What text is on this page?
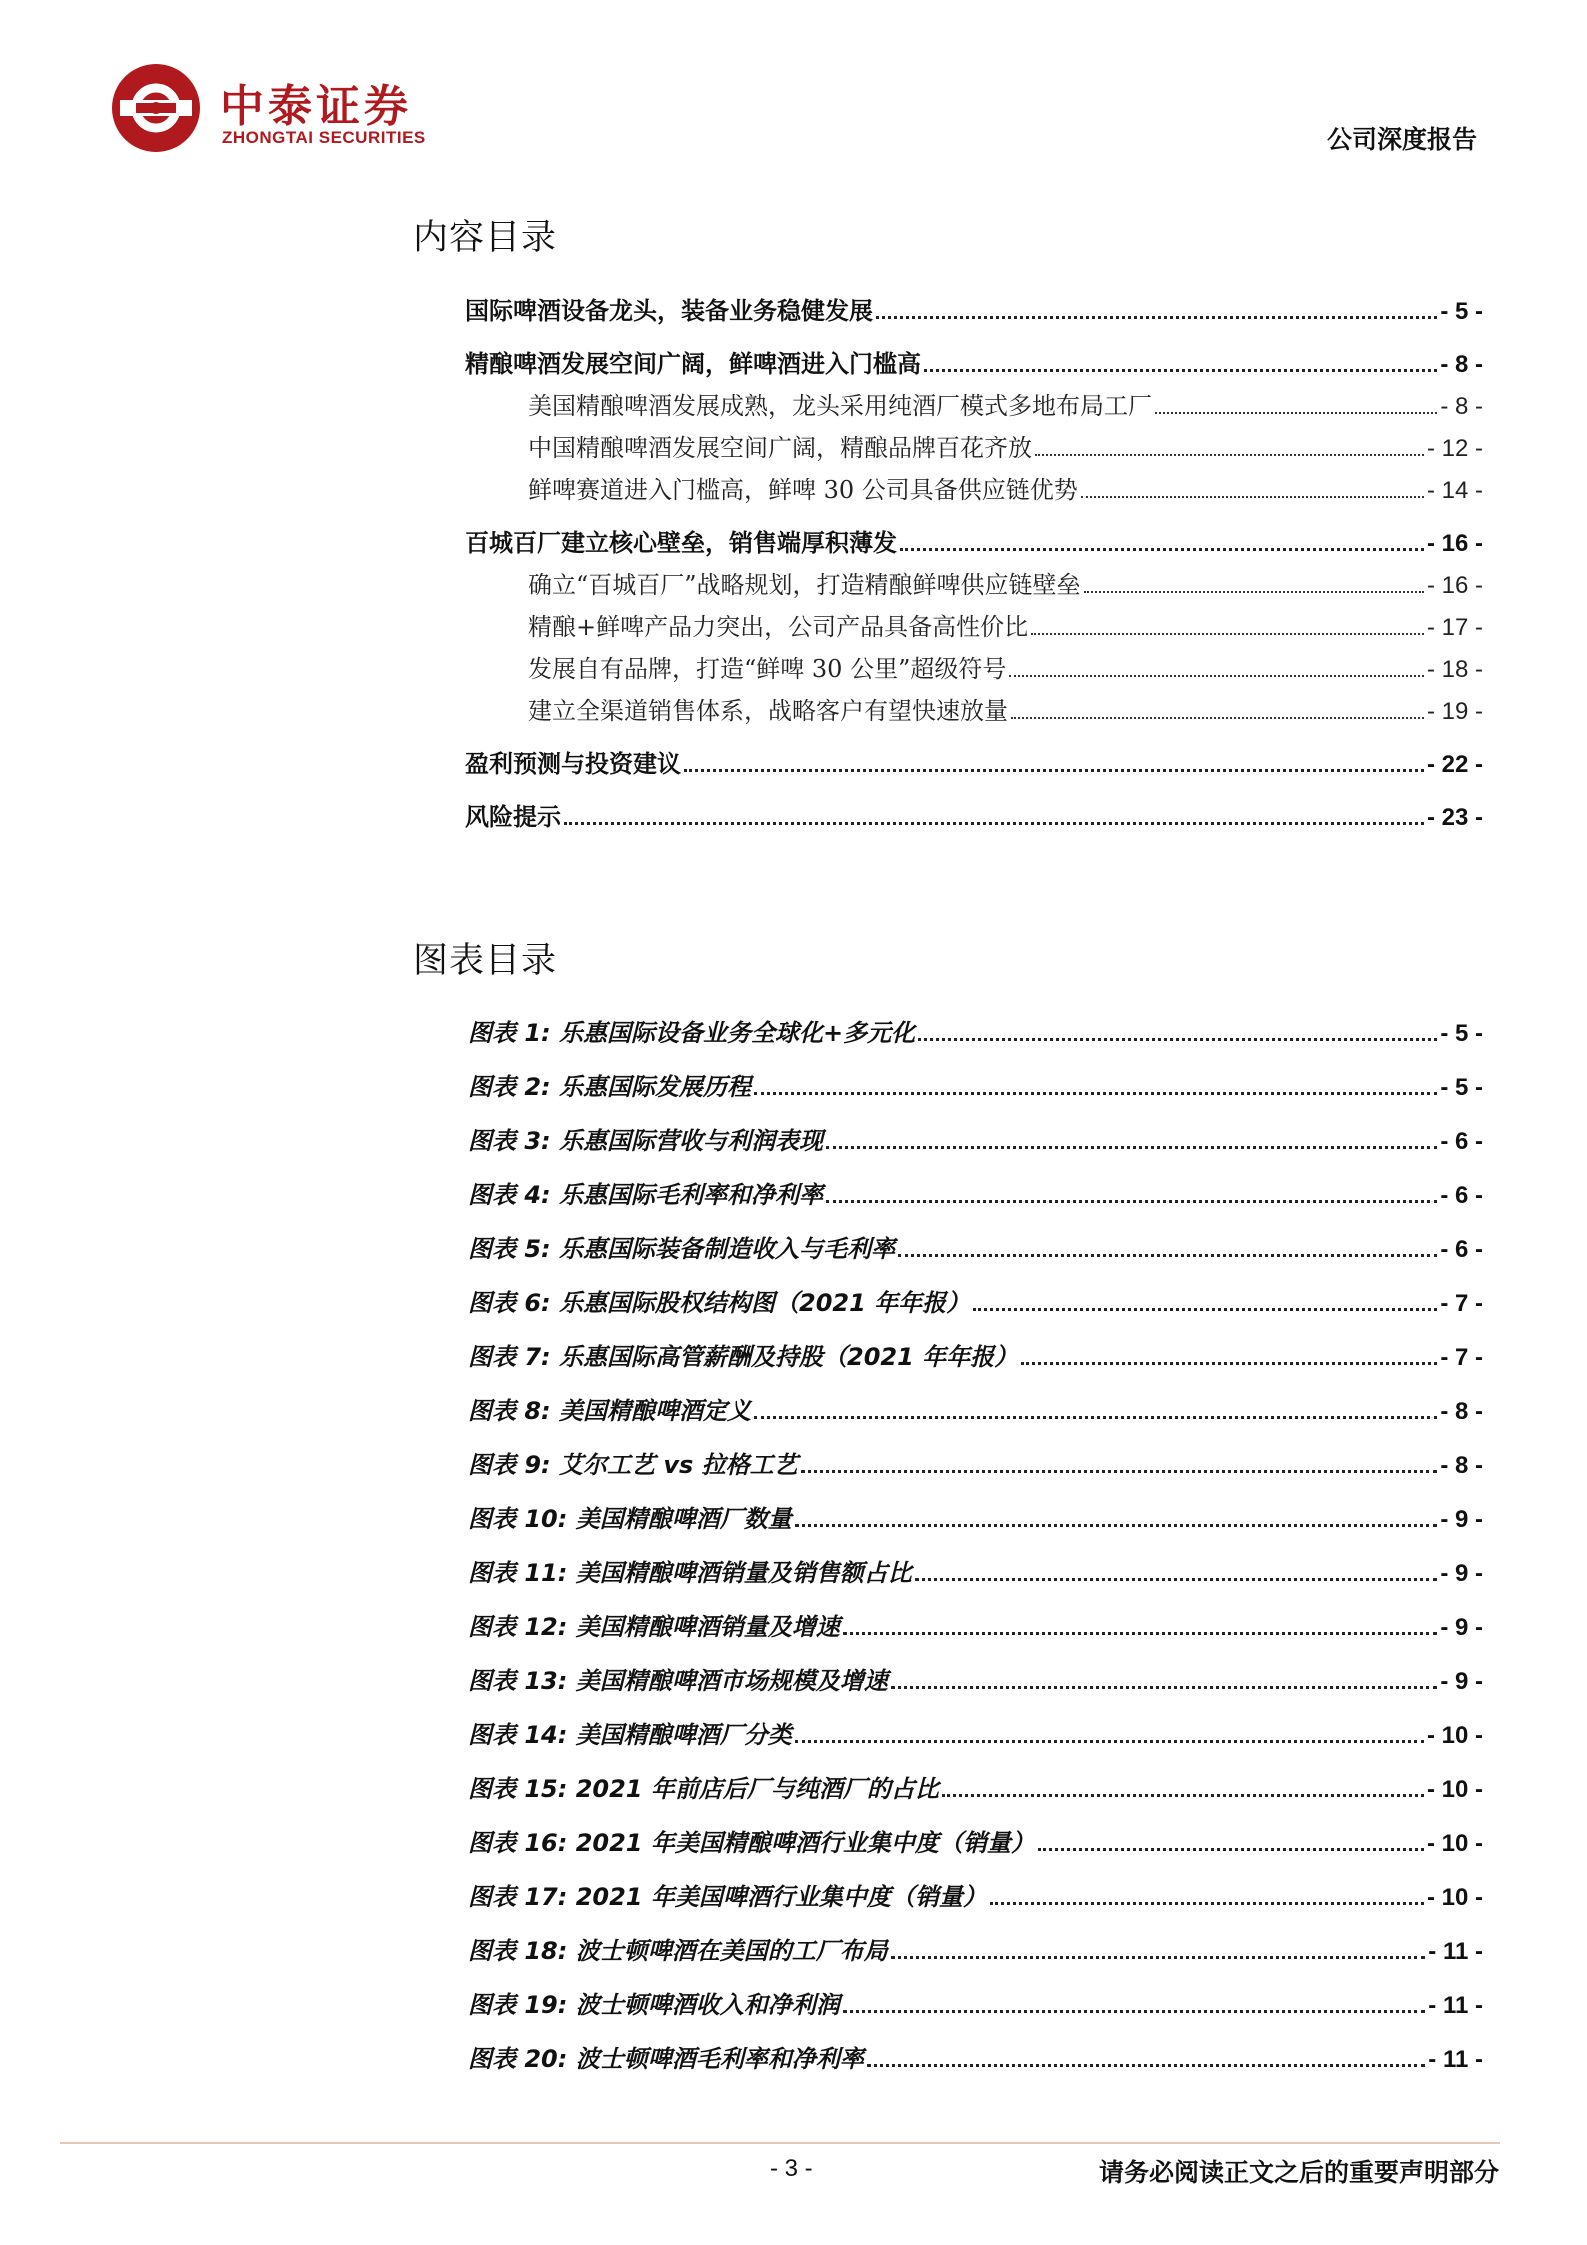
中泰证券
ZHONGTAI SECURITIES	公司深度报告
内容目录
国际啤酒设备龙头，装备业务稳健发展	- 5 -
精酿啤酒发展空间广阔，鲜啤酒进入门槛高	- 8 -
美国精酿啤酒发展成熟，龙头采用纯酒厂模式多地布局工厂	- 8 -
中国精酿啤酒发展空间广阔，精酿品牌百花齐放	- 12 -
鲜啤赛道进入门槛高，鲜啤 30 公司具备供应链优势	- 14 -
百城百厂建立核心壁垒，销售端厚积薄发	- 16 -
确立“百城百厂”战略规划，打造精酿鲜啤供应链壁垒	- 16 -
精酿+鲜啤产品力突出，公司产品具备高性价比	- 17 -
发展自有品牌，打造“鲜啤 30 公里”超级符号	- 18 -
建立全渠道销售体系，战略客户有望快速放量	- 19 -
盈利预测与投资建议	- 22 -
风险提示	- 23 -
图表目录
图表 1: 乐惠国际设备业务全球化+多元化	- 5 -
图表 2: 乐惠国际发展历程	- 5 -
图表 3: 乐惠国际营收与利润表现	- 6 -
图表 4: 乐惠国际毛利率和净利率	- 6 -
图表 5: 乐惠国际装备制造收入与毛利率	- 6 -
图表 6: 乐惠国际股权结构图（2021 年年报）	- 7 -
图表 7: 乐惠国际高管薪酬及持股（2021 年年报）	- 7 -
图表 8: 美国精酿啤酒定义	- 8 -
图表 9: 艾尔工艺 vs 拉格工艺	- 8 -
图表 10: 美国精酿啤酒厂数量	- 9 -
图表 11: 美国精酿啤酒销量及销售额占比	- 9 -
图表 12: 美国精酿啤酒销量及增速	- 9 -
图表 13: 美国精酿啤酒市场规模及增速	- 9 -
图表 14: 美国精酿啤酒厂分类	- 10 -
图表 15: 2021 年前店后厂与纯酒厂的占比	- 10 -
图表 16: 2021 年美国精酿啤酒行业集中度（销量）	- 10 -
图表 17: 2021 年美国啤酒行业集中度（销量）	- 10 -
图表 18: 波士顿啤酒在美国的工厂布局	- 11 -
图表 19: 波士顿啤酒收入和净利润	- 11 -
图表 20: 波士顿啤酒毛利率和净利率	- 11 -
- 3 -	请务必阅读正文之后的重要声明部分
